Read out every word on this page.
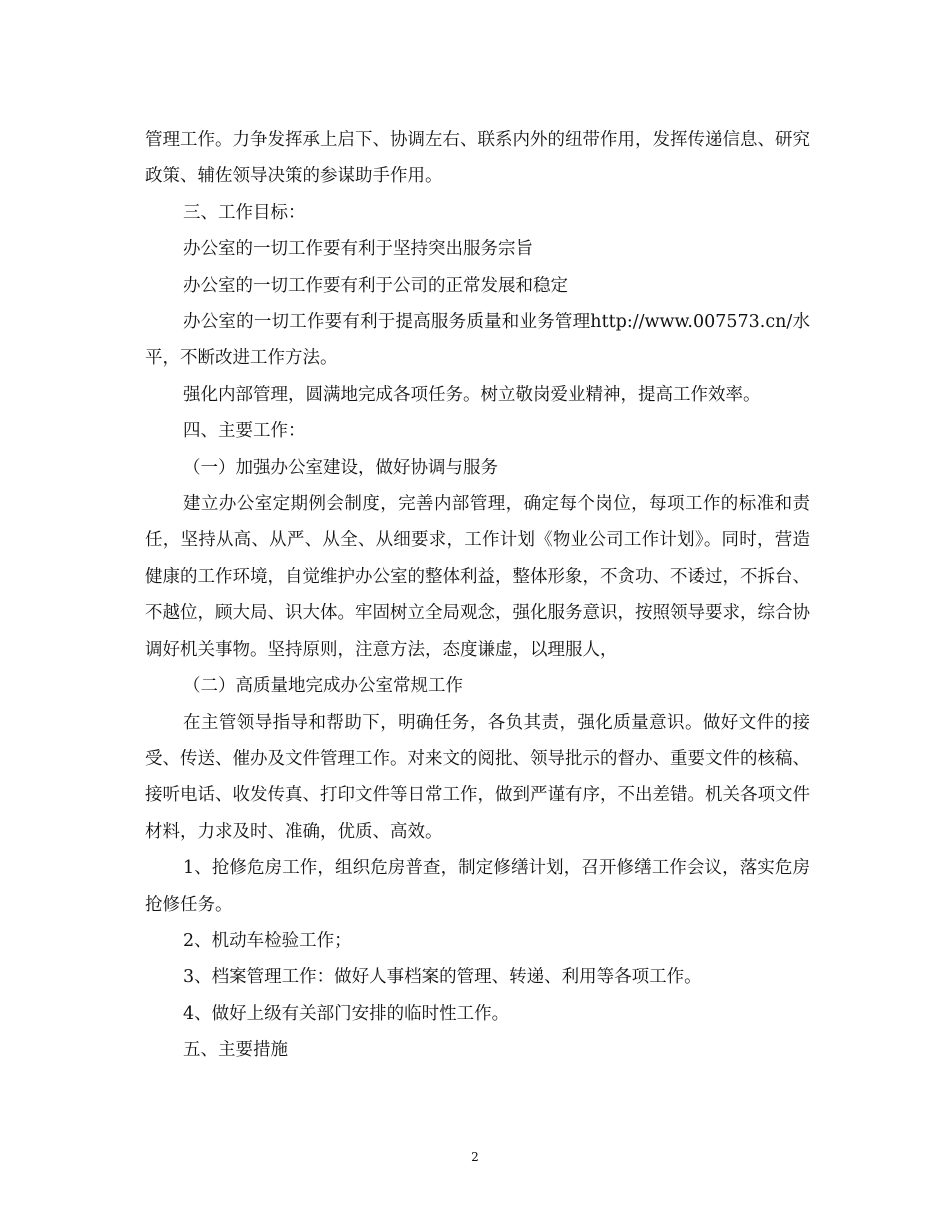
管理工作。力争发挥承上启下、协调左右、联系内外的纽带作用，发挥传递信息、研究政策、辅佐领导决策的参谋助手作用。

三、工作目标：

办公室的一切工作要有利于坚持突出服务宗旨

办公室的一切工作要有利于公司的正常发展和稳定

办公室的一切工作要有利于提高服务质量和业务管理http://www.007573.cn/水平，不断改进工作方法。

强化内部管理，圆满地完成各项任务。树立敬岗爱业精神，提高工作效率。

四、主要工作：

（一）加强办公室建设，做好协调与服务

建立办公室定期例会制度，完善内部管理，确定每个岗位，每项工作的标准和责任，坚持从高、从严、从全、从细要求，工作计划《物业公司工作计划》。同时，营造健康的工作环境，自觉维护办公室的整体利益，整体形象，不贪功、不诿过，不拆台、不越位，顾大局、识大体。牢固树立全局观念，强化服务意识，按照领导要求，综合协调好机关事物。坚持原则，注意方法，态度谦虚，以理服人，

（二）高质量地完成办公室常规工作

在主管领导指导和帮助下，明确任务，各负其责，强化质量意识。做好文件的接受、传送、催办及文件管理工作。对来文的阅批、领导批示的督办、重要文件的核稿、接听电话、收发传真、打印文件等日常工作，做到严谨有序，不出差错。机关各项文件材料，力求及时、准确，优质、高效。

1、抢修危房工作，组织危房普查，制定修缮计划，召开修缮工作会议，落实危房抢修任务。

2、机动车检验工作；

3、档案管理工作：做好人事档案的管理、转递、利用等各项工作。

4、做好上级有关部门安排的临时性工作。

五、主要措施

2
